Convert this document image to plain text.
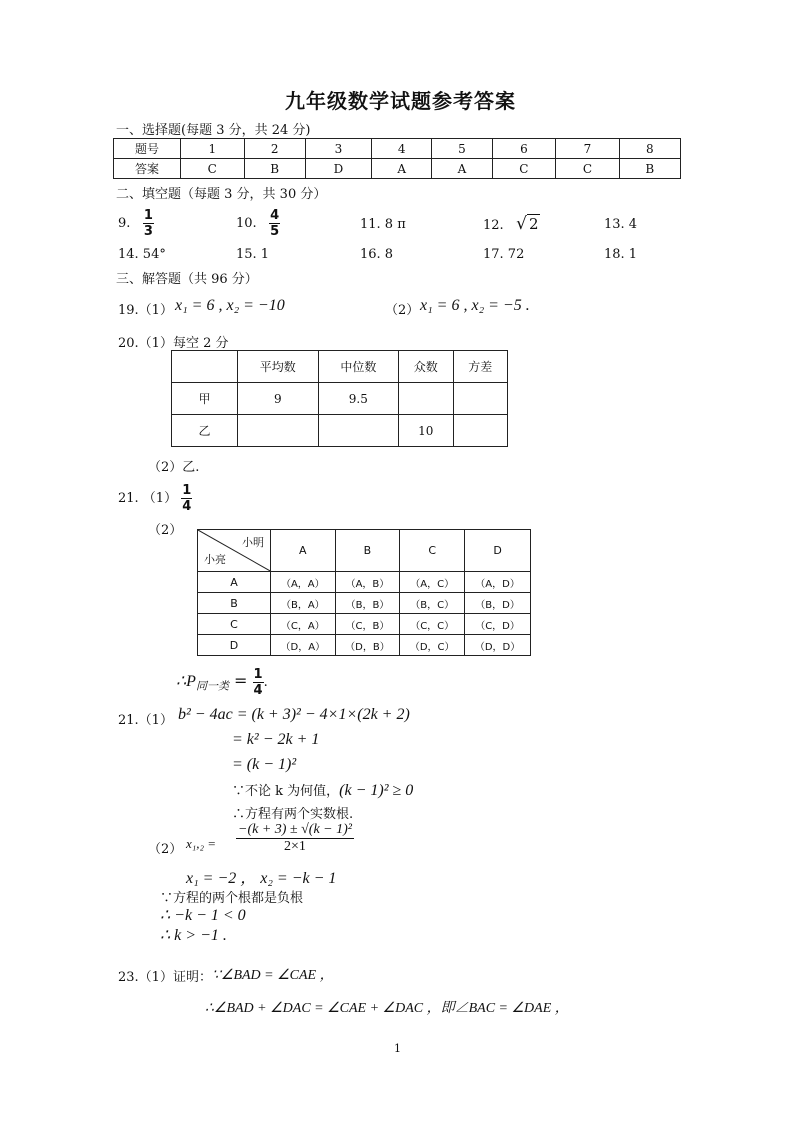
九年级数学试题参考答案
一、选择题(每题 3 分，共 24 分)
题号	1	2	3	4	5	6	7	8
答案	C	B	D	A	A	C	C	B
二、填空题（每题 3 分，共 30 分）
9. $\frac{1}{3}$	10. $\frac{4}{5}$	11. 8 π	12. √ 2	13. 4
14. 54°	15. 1	16. 8	17. 72	18. 1
三、解答题（共 96 分）
19.（1） x₁ = 6 , x₂ = −10	（2） x₁ = 6 , x₂ = −5 .
20.（1）每空 2 分
	平均数	中位数	众数	方差
甲	9	9.5		
乙			10	
（2）乙.
21. $(1) \frac{1}{4}$
（2）
小明
小亮	A	B	C	D
A	（A，A）	（A，B）	（A，C）	（A，D）
B	（B，A）	（B，B）	（B，C）	（B，D）
C	（C，A）	（C，B）	（C，C）	（C，D）
D	（D，A）	（D，B）	（D，C）	（D，D）
$\therefore P_{同一类} = \frac{1}{4}$ .
21.（1） b² − 4ac = (k + 3)² − 4×1×(2k + 2)
= k² − 2k + 1
= (k − 1)²
∵不论 k 为何值，(k − 1)² ≥ 0
∴方程有两个实数根.
（2） $x_1,_2 = \frac{\text{−(k + 3) ± √(k − 1)²}}{2\times 1}$
x₁ = −2 ， x₂ = −k − 1
∵方程的两个根都是负根
∴ −k − 1 < 0
∴ k > −1 .
23.（1）证明： ∵∠BAD = ∠CAE ，
∴∠BAD + ∠DAC = ∠CAE + ∠DAC ，即∠BAC = ∠DAE ，
1
